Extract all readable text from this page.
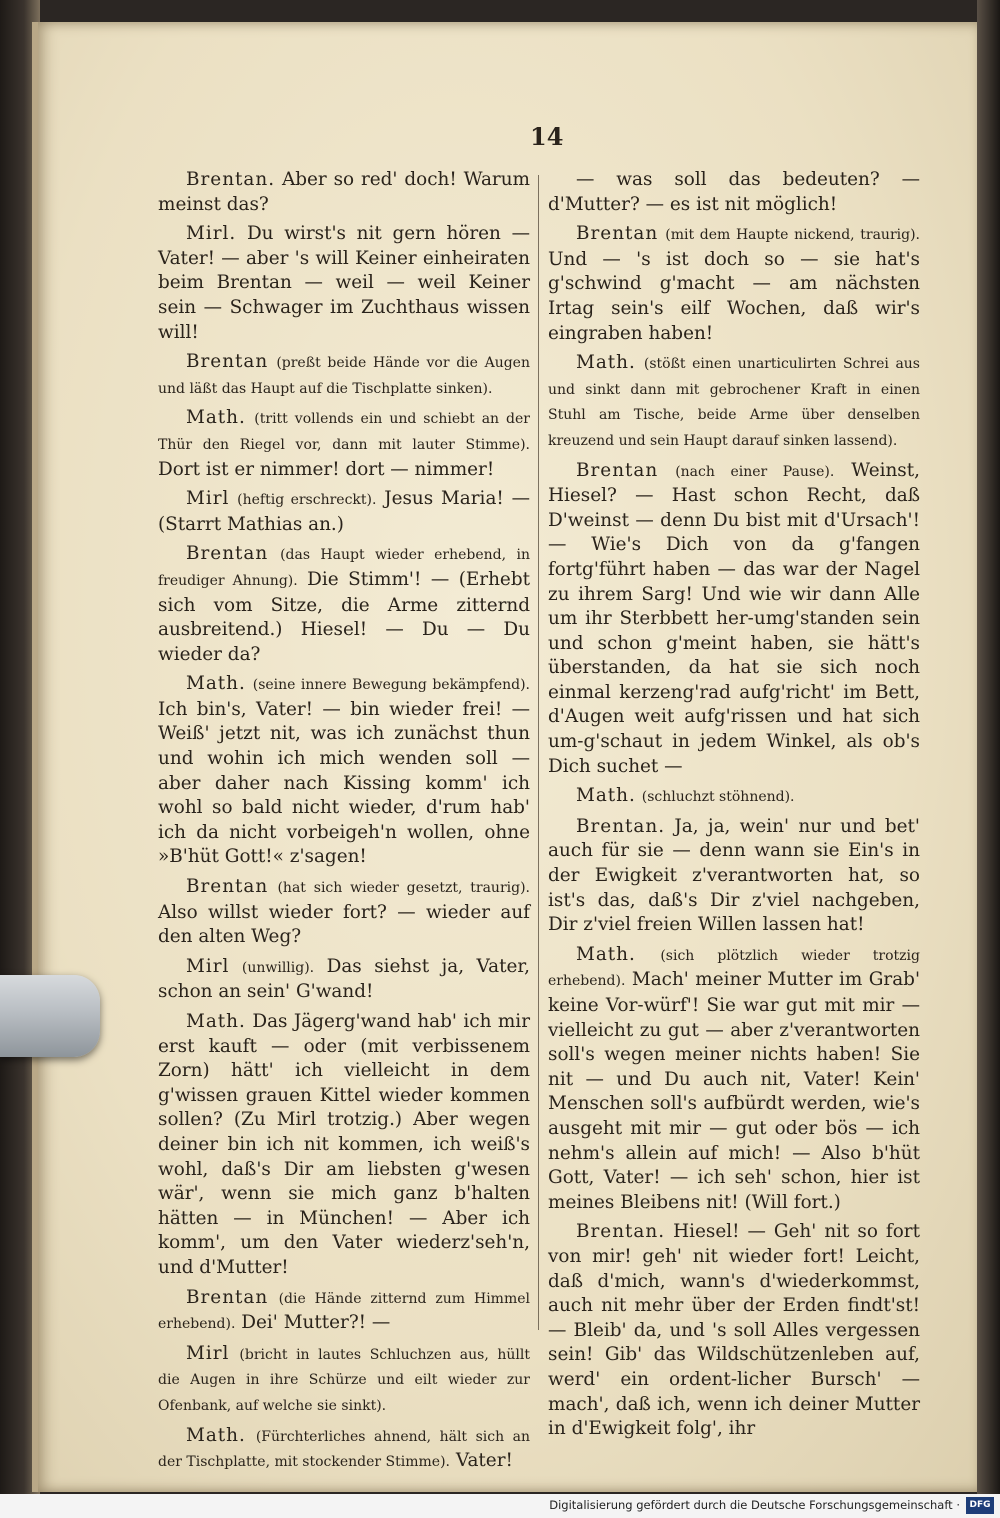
14

Brentan. Aber so red' doch! Warum meinst das?

Mirl. Du wirst's nit gern hören — Vater! — aber 's will Keiner einheiraten beim Brentan — weil — weil Keiner sein — Schwager im Zuchthaus wissen will!

Brentan (preßt beide Hände vor die Augen und läßt das Haupt auf die Tischplatte sinken).

Math. (tritt vollends ein und schiebt an der Thür den Riegel vor, dann mit lauter Stimme). Dort ist er nimmer! dort — nimmer!

Mirl (heftig erschreckt). Jesus Maria! — (Starrt Mathias an.)

Brentan (das Haupt wieder erhebend, in freudiger Ahnung). Die Stimm'! — (Erhebt sich vom Sitze, die Arme zitternd ausbreitend.) Hiesel! — Du — Du wieder da?

Math. (seine innere Bewegung bekämpfend). Ich bin's, Vater! — bin wieder frei! — Weiß' jetzt nit, was ich zunächst thun und wohin ich mich wenden soll — aber daher nach Kissing komm' ich wohl so bald nicht wieder, d'rum hab' ich da nicht vorbeigeh'n wollen, ohne »B'hüt Gott!« z'sagen!

Brentan (hat sich wieder gesetzt, traurig). Also willst wieder fort? — wieder auf den alten Weg?

Mirl (unwillig). Das siehst ja, Vater, schon an sein' G'wand!

Math. Das Jägerg'wand hab' ich mir erst kauft — oder (mit verbissenem Zorn) hätt' ich vielleicht in dem g'wissen grauen Kittel wieder kommen sollen? (Zu Mirl trotzig.) Aber wegen deiner bin ich nit kommen, ich weiß's wohl, daß's Dir am liebsten g'wesen wär', wenn sie mich ganz b'halten hätten — in München! — Aber ich komm', um den Vater wiederz'seh'n, und d'Mutter!

Brentan (die Hände zitternd zum Himmel erhebend). Dei' Mutter?! —

Mirl (bricht in lautes Schluchzen aus, hüllt die Augen in ihre Schürze und eilt wieder zur Ofenbank, auf welche sie sinkt).

Math. (Fürchterliches ahnend, hält sich an der Tischplatte, mit stockender Stimme). Vater!

— was soll das bedeuten? — d'Mutter? — es ist nit möglich!

Brentan (mit dem Haupte nickend, traurig). Und — 's ist doch so — sie hat's g'schwind g'macht — am nächsten Irtag sein's eilf Wochen, daß wir's eingraben haben!

Math. (stößt einen unarticulirten Schrei aus und sinkt dann mit gebrochener Kraft in einen Stuhl am Tische, beide Arme über denselben kreuzend und sein Haupt darauf sinken lassend).

Brentan (nach einer Pause). Weinst, Hiesel? — Hast schon Recht, daß D'weinst — denn Du bist mit d'Ursach'! — Wie's Dich von da g'fangen fortg'führt haben — das war der Nagel zu ihrem Sarg! Und wie wir dann Alle um ihr Sterbbett her-umg'standen sein und schon g'meint haben, sie hätt's überstanden, da hat sie sich noch einmal kerzeng'rad aufg'richt' im Bett, d'Augen weit aufg'rissen und hat sich um-g'schaut in jedem Winkel, als ob's Dich suchet —

Math. (schluchzt stöhnend).

Brentan. Ja, ja, wein' nur und bet' auch für sie — denn wann sie Ein's in der Ewigkeit z'verantworten hat, so ist's das, daß's Dir z'viel nachgeben, Dir z'viel freien Willen lassen hat!

Math. (sich plötzlich wieder trotzig erhebend). Mach' meiner Mutter im Grab' keine Vor-würf'! Sie war gut mit mir — vielleicht zu gut — aber z'verantworten soll's wegen meiner nichts haben! Sie nit — und Du auch nit, Vater! Kein' Menschen soll's aufbürdt werden, wie's ausgeht mit mir — gut oder bös — ich nehm's allein auf mich! — Also b'hüt Gott, Vater! — ich seh' schon, hier ist meines Bleibens nit! (Will fort.)

Brentan. Hiesel! — Geh' nit so fort von mir! geh' nit wieder fort! Leicht, daß d'mich, wann's d'wiederkommst, auch nit mehr über der Erden findt'st! — Bleib' da, und 's soll Alles vergessen sein! Gib' das Wildschützenleben auf, werd' ein ordent-licher Bursch' — mach', daß ich, wenn ich deiner Mutter in d'Ewigkeit folg', ihr

Digitalisierung gefördert durch die Deutsche Forschungsgemeinschaft ·	DFG
